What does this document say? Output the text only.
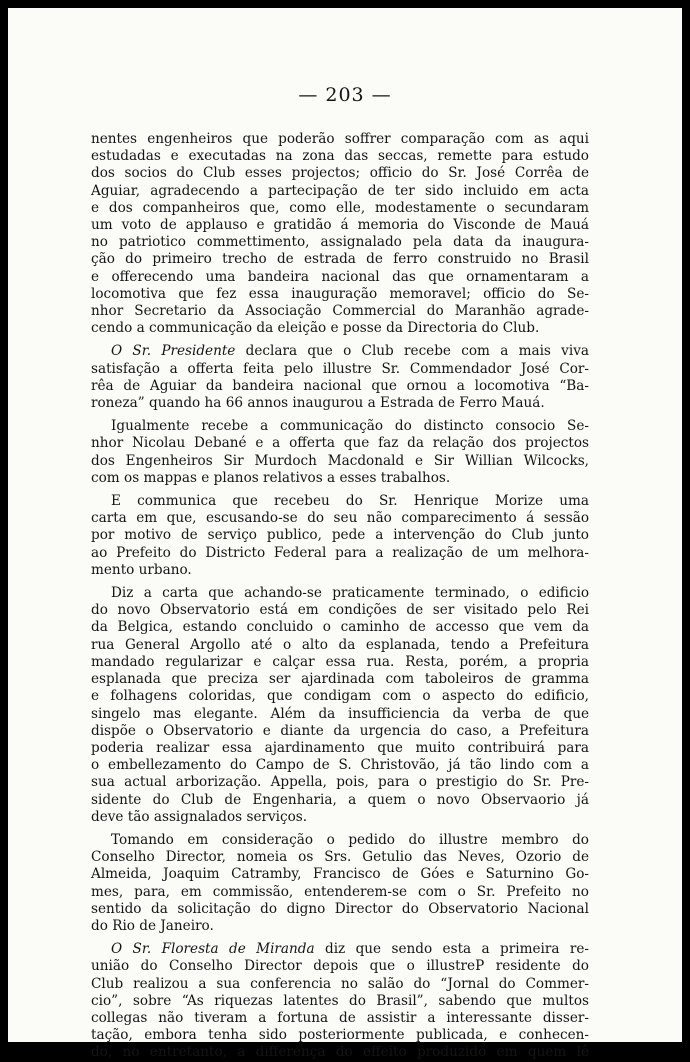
— 203 —
nentes engenheiros que poderão soffrer comparação com as aqui
estudadas e executadas na zona das seccas, remette para estudo
dos socios do Club esses projectos; officio do Sr. José Corrêa de
Aguiar, agradecendo a partecipação de ter sido incluido em acta
e dos companheiros que, como elle, modestamente o secundaram
um voto de applauso e gratidão á memoria do Visconde de Mauá
no patriotico commettimento, assignalado pela data da inaugura-
ção do primeiro trecho de estrada de ferro construido no Brasil
e offerecendo uma bandeira nacional das que ornamentaram a
locomotiva que fez essa inauguração memoravel; officio do Se-
nhor Secretario da Associação Commercial do Maranhão agrade-
cendo a communicação da eleição e posse da Directoria do Club.
O Sr. Presidente declara que o Club recebe com a mais viva
satisfação a offerta feita pelo illustre Sr. Commendador José Cor-
rêa de Aguiar da bandeira nacional que ornou a locomotiva “Ba-
roneza” quando ha 66 annos inaugurou a Estrada de Ferro Mauá.
Igualmente recebe a communicação do distincto consocio Se-
nhor Nicolau Debané e a offerta que faz da relação dos projectos
dos Engenheiros Sir Murdoch Macdonald e Sir Willian Wilcocks,
com os mappas e planos relativos a esses trabalhos.
E communica que recebeu do Sr. Henrique Morize uma
carta em que, escusando-se do seu não comparecimento á sessão
por motivo de serviço publico, pede a intervenção do Club junto
ao Prefeito do Districto Federal para a realização de um melhora-
mento urbano.
Diz a carta que achando-se praticamente terminado, o edificio
do novo Observatorio está em condições de ser visitado pelo Rei
da Belgica, estando concluido o caminho de accesso que vem da
rua General Argollo até o alto da esplanada, tendo a Prefeitura
mandado regularizar e calçar essa rua. Resta, porém, a propria
esplanada que preciza ser ajardinada com taboleiros de gramma
e folhagens coloridas, que condigam com o aspecto do edificio,
singelo mas elegante. Além da insufficiencia da verba de que
dispõe o Observatorio e diante da urgencia do caso, a Prefeitura
poderia realizar essa ajardinamento que muito contribuirá para
o embellezamento do Campo de S. Christovão, já tão lindo com a
sua actual arborização. Appella, pois, para o prestigio do Sr. Pre-
sidente do Club de Engenharia, a quem o novo Observaorio já
deve tão assignalados serviços.
Tomando em consideração o pedido do illustre membro do
Conselho Director, nomeia os Srs. Getulio das Neves, Ozorio de
Almeida, Joaquim Catramby, Francisco de Góes e Saturnino Go-
mes, para, em commissão, entenderem-se com o Sr. Prefeito no
sentido da solicitação do digno Director do Observatorio Nacional
do Rio de Janeiro.
O Sr. Floresta de Miranda diz que sendo esta a primeira re-
união do Conselho Director depois que o illustreP residente do
Club realizou a sua conferencia no salão do “Jornal do Commer-
cio”, sobre “As riquezas latentes do Brasil”, sabendo que multos
collegas não tiveram a fortuna de assistir a interessante disser-
tação, embora tenha sido posteriormente publicada, e conhecen-
do, no entretanto, a differença do effeito produzido em quem lê
